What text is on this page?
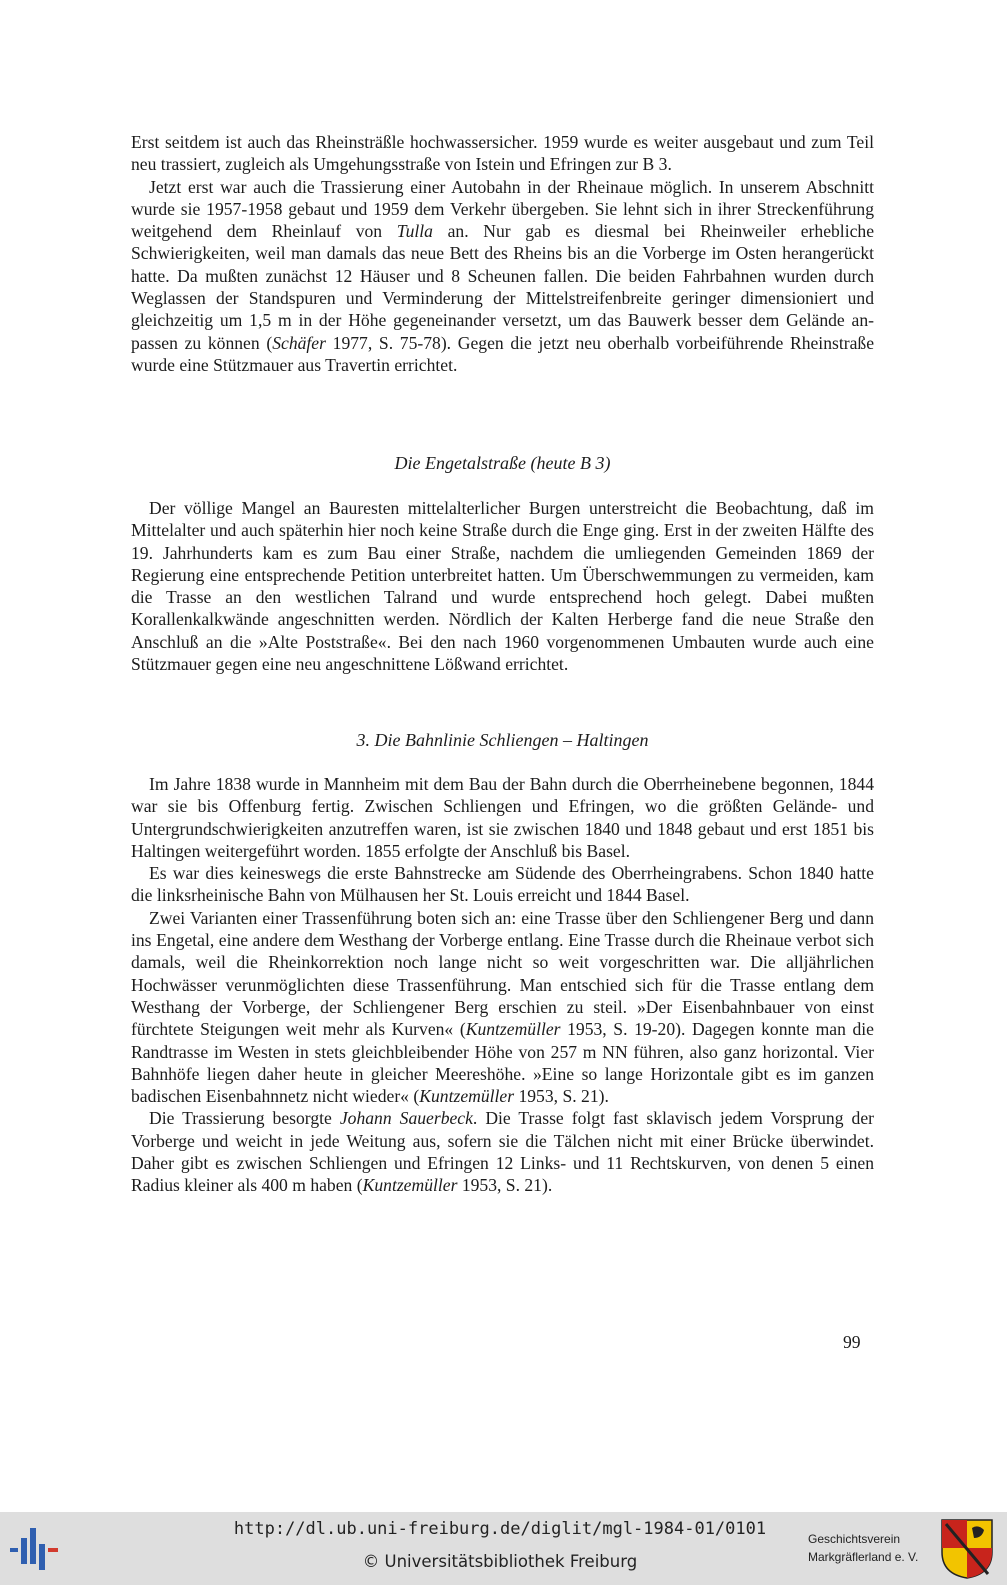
Erst seitdem ist auch das Rheinsträßle hochwassersicher. 1959 wurde es weiter ausgebaut und zum Teil neu trassiert, zugleich als Umgehungsstraße von Istein und Efringen zur B 3.

Jetzt erst war auch die Trassierung einer Autobahn in der Rheinaue möglich. In unserem Abschnitt wurde sie 1957-1958 gebaut und 1959 dem Verkehr übergeben. Sie lehnt sich in ihrer Streckenführung weitgehend dem Rheinlauf von Tulla an. Nur gab es diesmal bei Rheinweiler erhebliche Schwierigkeiten, weil man damals das neue Bett des Rheins bis an die Vorberge im Osten herangerückt hatte. Da mußten zunächst 12 Häuser und 8 Scheunen fallen. Die beiden Fahrbahnen wurden durch Weglassen der Standspuren und Verminderung der Mittelstreifenbreite geringer dimensioniert und gleichzeitig um 1,5 m in der Höhe gegeneinander versetzt, um das Bauwerk besser dem Gelände anpassen zu können (Schäfer 1977, S. 75-78). Gegen die jetzt neu oberhalb vorbeiführende Rheinstraße wurde eine Stützmauer aus Travertin errichtet.

Die Engetalstraße (heute B 3)

Der völlige Mangel an Bauresten mittelalterlicher Burgen unterstreicht die Beobachtung, daß im Mittelalter und auch späterhin hier noch keine Straße durch die Enge ging. Erst in der zweiten Hälfte des 19. Jahrhunderts kam es zum Bau einer Straße, nachdem die umliegenden Gemeinden 1869 der Regierung eine entsprechende Petition unterbreitet hatten. Um Überschwemmungen zu vermeiden, kam die Trasse an den westlichen Talrand und wurde entsprechend hoch gelegt. Dabei mußten Korallenkalkwände angeschnitten werden. Nördlich der Kalten Herberge fand die neue Straße den Anschluß an die »Alte Poststraße«. Bei den nach 1960 vorgenommenen Umbauten wurde auch eine Stützmauer gegen eine neu angeschnittene Lößwand errichtet.

3. Die Bahnlinie Schliengen – Haltingen

Im Jahre 1838 wurde in Mannheim mit dem Bau der Bahn durch die Oberrheinebene begonnen, 1844 war sie bis Offenburg fertig. Zwischen Schliengen und Efringen, wo die größten Gelände- und Untergrundschwierigkeiten anzutreffen waren, ist sie zwischen 1840 und 1848 gebaut und erst 1851 bis Haltingen weitergeführt worden. 1855 erfolgte der Anschluß bis Basel.

Es war dies keineswegs die erste Bahnstrecke am Südende des Oberrheingrabens. Schon 1840 hatte die linksrheinische Bahn von Mülhausen her St. Louis erreicht und 1844 Basel.

Zwei Varianten einer Trassenführung boten sich an: eine Trasse über den Schliengener Berg und dann ins Engetal, eine andere dem Westhang der Vorberge entlang. Eine Trasse durch die Rheinaue verbot sich damals, weil die Rheinkorrektion noch lange nicht so weit vorgeschritten war. Die alljährlichen Hochwässer verunmöglichten diese Trassenführung. Man entschied sich für die Trasse entlang dem Westhang der Vorberge, der Schliengener Berg erschien zu steil. »Der Eisenbahnbauer von einst fürchtete Steigungen weit mehr als Kurven« (Kuntzemüller 1953, S. 19-20). Dagegen konnte man die Randtrasse im Westen in stets gleichbleibender Höhe von 257 m NN führen, also ganz horizontal. Vier Bahnhöfe liegen daher heute in gleicher Meereshöhe. »Eine so lange Horizontale gibt es im ganzen badischen Eisenbahnnetz nicht wieder« (Kuntzemüller 1953, S. 21).

Die Trassierung besorgte Johann Sauerbeck. Die Trasse folgt fast sklavisch jedem Vorsprung der Vorberge und weicht in jede Weitung aus, sofern sie die Tälchen nicht mit einer Brücke überwindet. Daher gibt es zwischen Schliengen und Efringen 12 Links- und 11 Rechtskurven, von denen 5 einen Radius kleiner als 400 m haben (Kuntzemüller 1953, S. 21).

99
http://dl.ub.uni-freiburg.de/diglit/mgl-1984-01/0101
© Universitätsbibliothek Freiburg
Geschichtsverein
Markgräflerland e. V.
